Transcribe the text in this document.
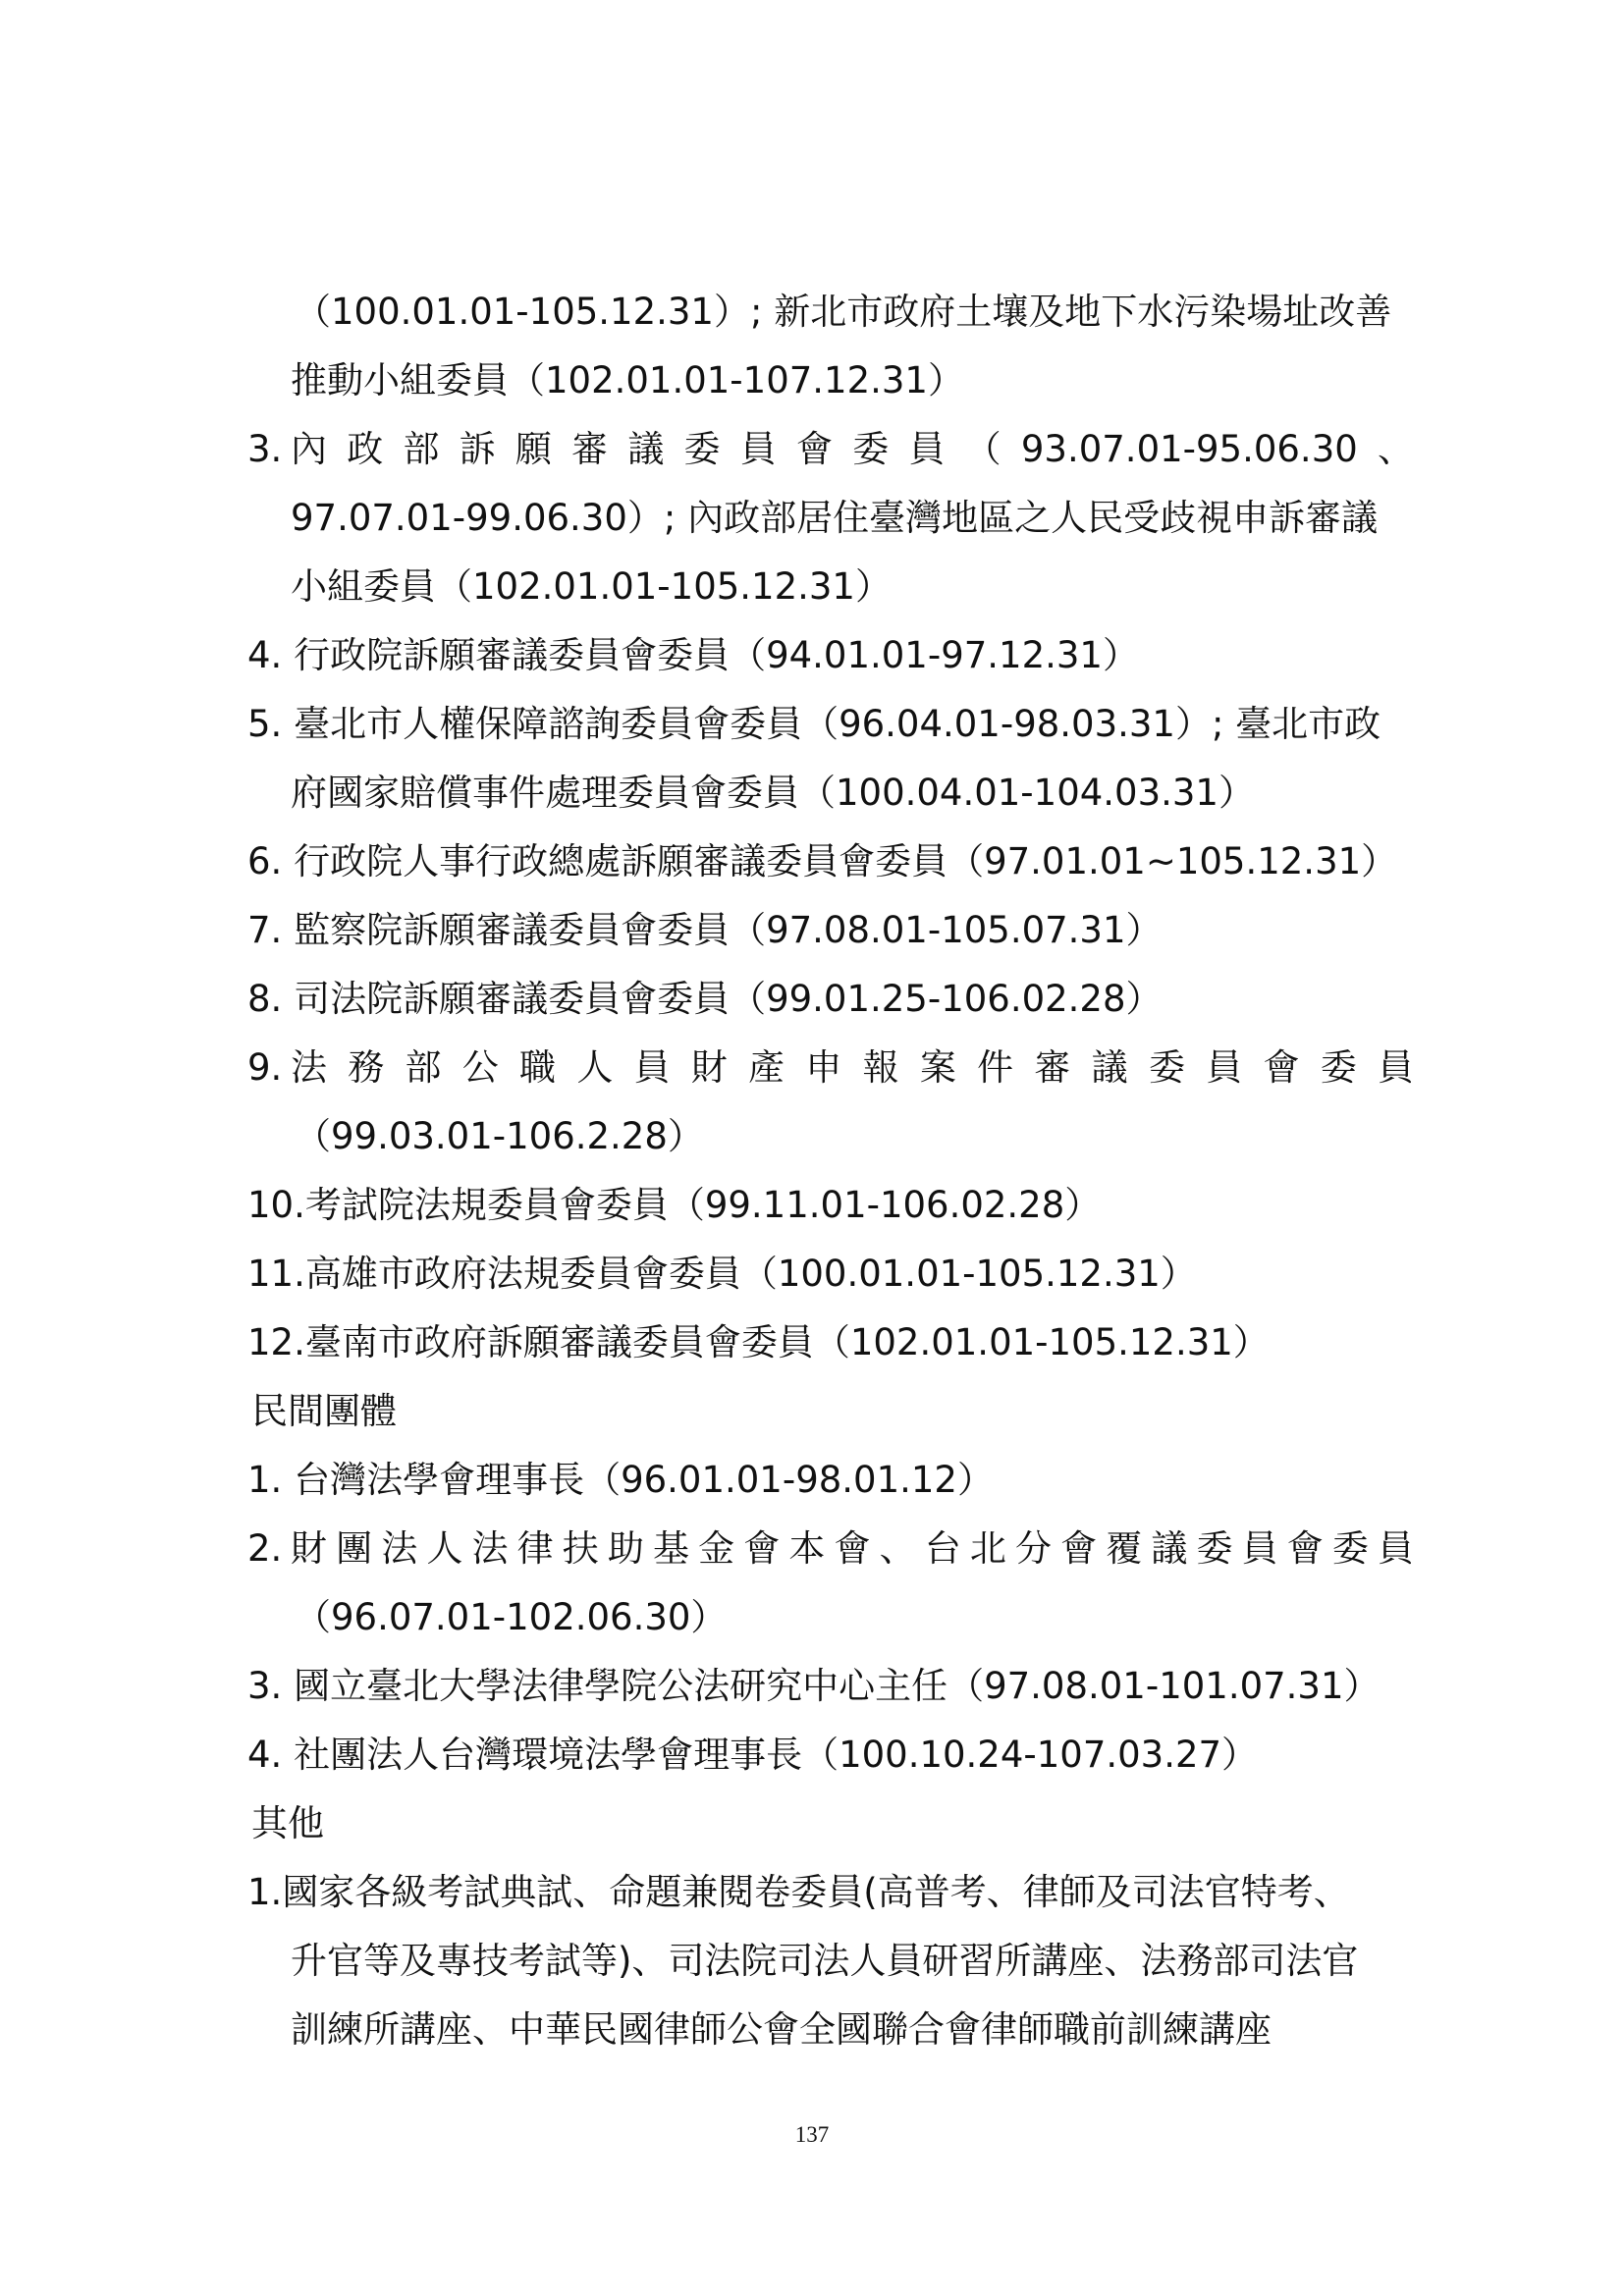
（100.01.01-105.12.31）; 新北市政府土壤及地下水污染場址改善
推動小組委員（102.01.01-107.12.31）
3. 內政部訴願審議委員會委員（93.07.01-95.06.30、
97.07.01-99.06.30）; 內政部居住臺灣地區之人民受歧視申訴審議
小組委員（102.01.01-105.12.31）
4. 行政院訴願審議委員會委員（94.01.01-97.12.31）
5. 臺北市人權保障諮詢委員會委員（96.04.01-98.03.31）; 臺北市政
府國家賠償事件處理委員會委員（100.04.01-104.03.31）
6. 行政院人事行政總處訴願審議委員會委員（97.01.01~105.12.31）
7. 監察院訴願審議委員會委員（97.08.01-105.07.31）
8. 司法院訴願審議委員會委員（99.01.25-106.02.28）
9. 法務部公職人員財產申報案件審議委員會委員
（99.03.01-106.2.28）
10.考試院法規委員會委員（99.11.01-106.02.28）
11.高雄市政府法規委員會委員（100.01.01-105.12.31）
12.臺南市政府訴願審議委員會委員（102.01.01-105.12.31）
民間團體
1. 台灣法學會理事長（96.01.01-98.01.12）
2. 財團法人法律扶助基金會本會、台北分會覆議委員會委員
（96.07.01-102.06.30）
3. 國立臺北大學法律學院公法研究中心主任（97.08.01-101.07.31）
4. 社團法人台灣環境法學會理事長（100.10.24-107.03.27）
其他
1.國家各級考試典試、命題兼閱卷委員(高普考、律師及司法官特考、
升官等及專技考試等)、司法院司法人員研習所講座、法務部司法官
訓練所講座、中華民國律師公會全國聯合會律師職前訓練講座
137
